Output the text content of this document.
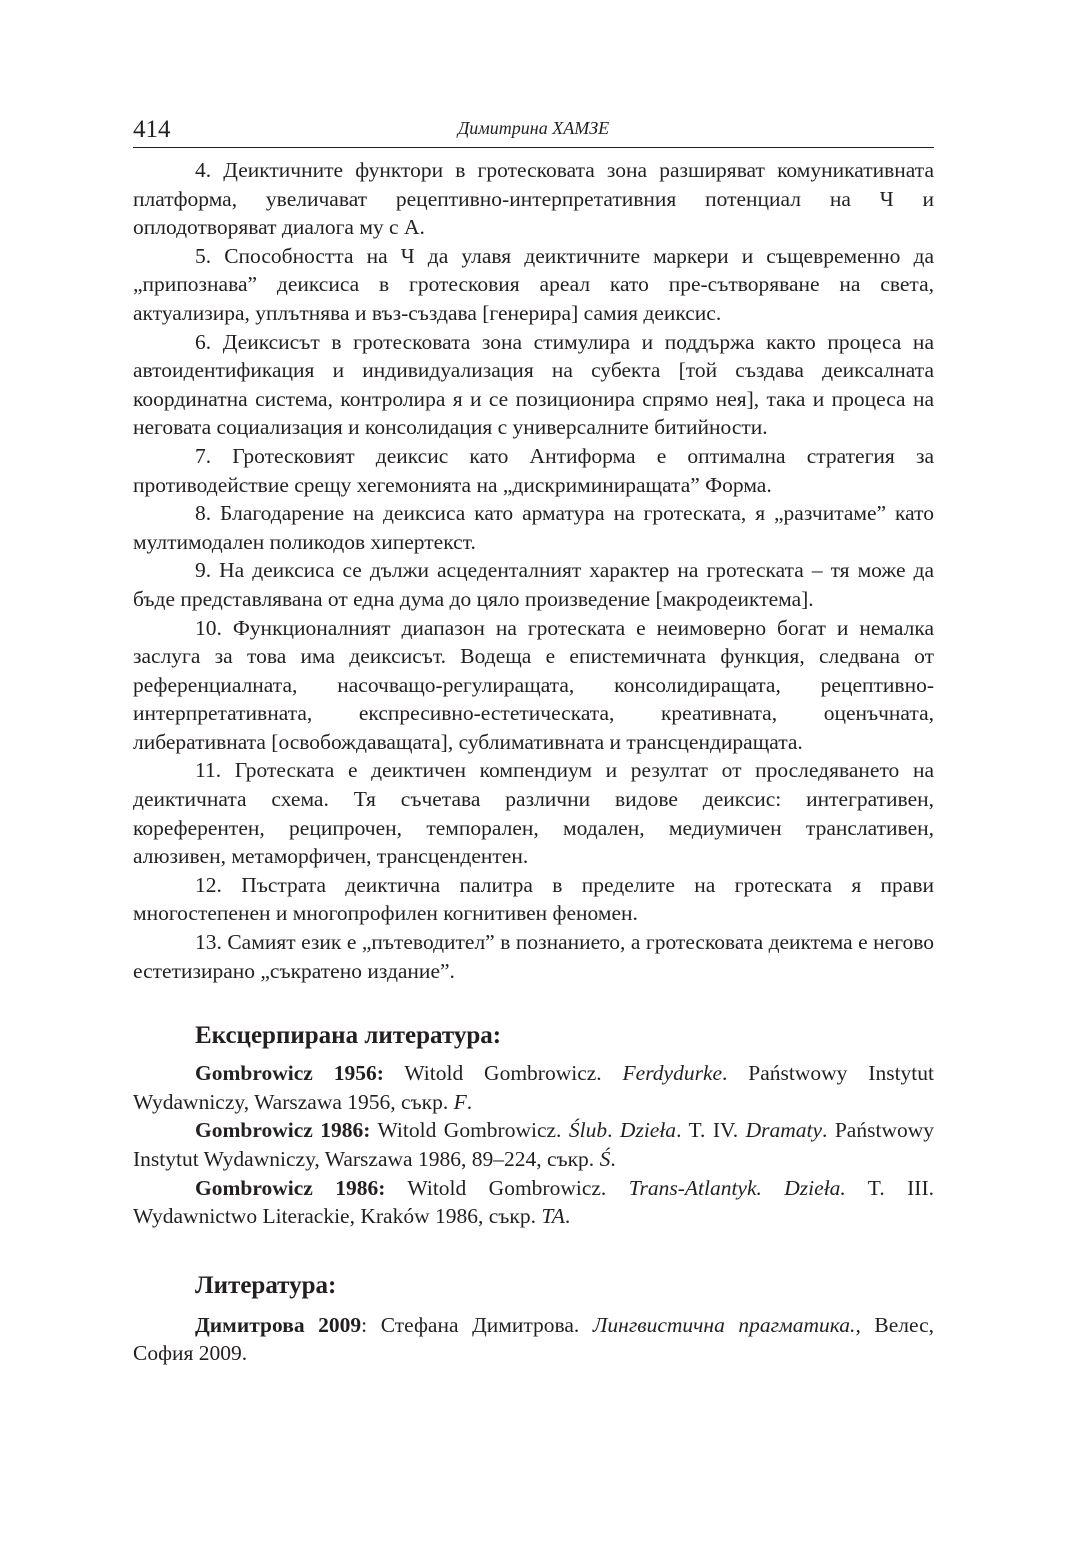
414	Димитрина ХАМЗЕ

4. Деиктичните функтори в гротесковата зона разширяват комуникативната платформа, увеличават рецептивно-интерпретативния потенциал на Ч и оплодотворяват диалога му с А.

5. Способността на Ч да улавя деиктичните маркери и същевременно да „припознава” деиксиса в гротесковия ареал като пре-сътворяване на света, актуализира, уплътнява и въз-създава [генерира] самия деиксис.

6. Деиксисът в гротесковата зона стимулира и поддържа както процеса на автоидентификация и индивидуализация на субекта [той създава деиксалната координатна система, контролира я и се позиционира спрямо нея], така и процеса на неговата социализация и консолидация с универсалните битийности.

7. Гротесковият деиксис като Антиформа е оптимална стратегия за противодействие срещу хегемонията на „дискриминиращата” Форма.

8. Благодарение на деиксиса като арматура на гротеската, я „разчитаме” като мултимодален поликодов хипертекст.

9. На деиксиса се дължи асцеденталният характер на гротеската – тя може да бъде представлявана от една дума до цяло произведение [макродеиктема].

10. Функционалният диапазон на гротеската е неимоверно богат и немалка заслуга за това има деиксисът. Водеща е епистемичната функция, следвана от референциалната, насочващо-регулиращата, консолидиращата, рецептивно-интерпретативната, експресивно-естетическата, креативната, оценъчната, либеративната [освобождаващата], сублимативната и трансцендиращата.

11. Гротеската е деиктичен компендиум и резултат от проследяването на деиктичната схема. Тя съчетава различни видове деиксис: интегративен, кореферентен, реципрочен, темпорален, модален, медиумичен транслативен, алюзивен, метаморфичен, трансцендентен.

12. Пъстрата деиктична палитра в пределите на гротеската я прави многостепенен и многопрофилен когнитивен феномен.

13. Самият език е „пътеводител” в познанието, а гротесковата деиктема е негово естетизирано „съкратено издание”.

Ексцерпирана литература:

Gombrowicz 1956: Witold Gombrowicz. Ferdydurke. Państwowy Instytut Wydawniczy, Warszawa 1956, съкр. F.

Gombrowicz 1986: Witold Gombrowicz. Ślub. Dzieła. T. IV. Dramaty. Państwowy Instytut Wydawniczy, Warszawa 1986, 89–224, съкр. Ś.

Gombrowicz 1986: Witold Gombrowicz. Trans-Atlantyk. Dzieła. T. III. Wydawnictwo Literackie, Kraków 1986, съкр. TA.

Литература:

Димитрова 2009: Стефана Димитрова. Лингвистична прагматика., Велес, София 2009.
